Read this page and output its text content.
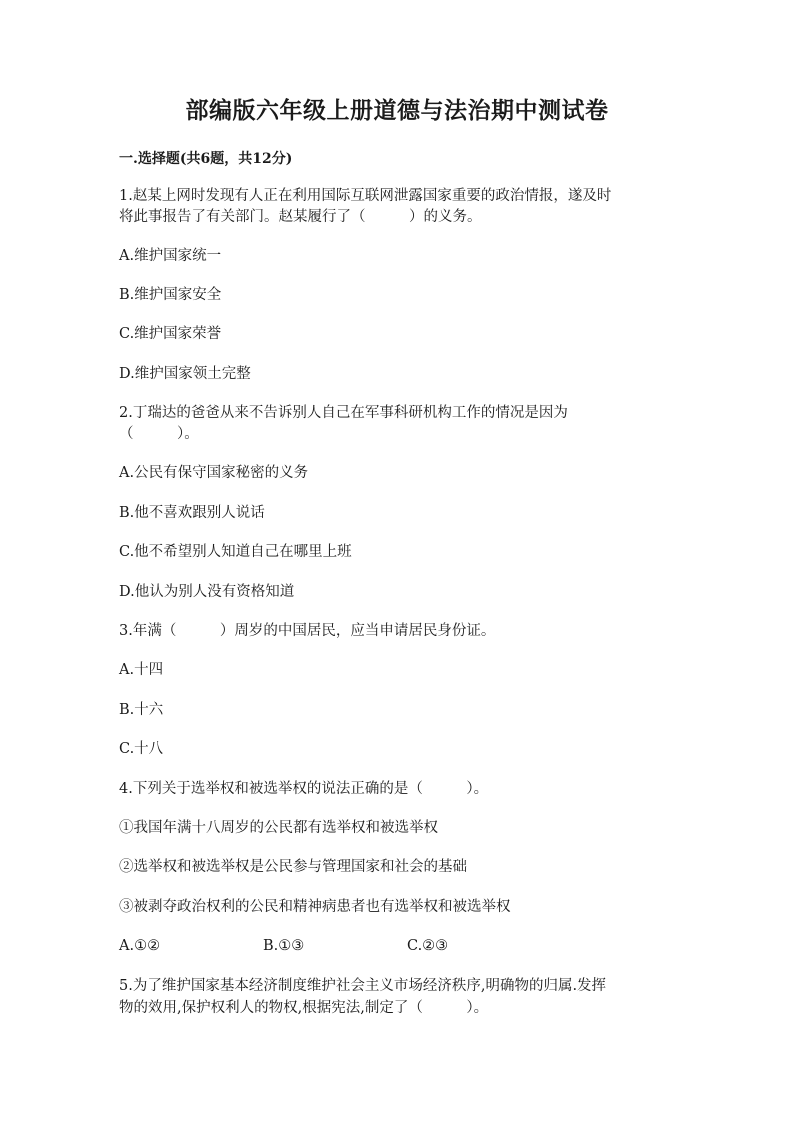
部编版六年级上册道德与法治期中测试卷
一.选择题(共6题，共12分)

1.赵某上网时发现有人正在利用国际互联网泄露国家重要的政治情报，遂及时

将此事报告了有关部门。赵某履行了（　　　）的义务。

A.维护国家统一

B.维护国家安全

C.维护国家荣誉

D.维护国家领土完整

2.丁瑞达的爸爸从来不告诉别人自己在军事科研机构工作的情况是因为

（　　　）。

A.公民有保守国家秘密的义务

B.他不喜欢跟别人说话

C.他不希望别人知道自己在哪里上班

D.他认为别人没有资格知道

3.年满（　　　）周岁的中国居民，应当申请居民身份证。

A.十四

B.十六

C.十八

4.下列关于选举权和被选举权的说法正确的是（　　　）。

①我国年满十八周岁的公民都有选举权和被选举权

②选举权和被选举权是公民参与管理国家和社会的基础

③被剥夺政治权利的公民和精神病患者也有选举权和被选举权

A.①②	B.①③	C.②③

5.为了维护国家基本经济制度维护社会主义市场经济秩序,明确物的归属.发挥

物的效用,保护权利人的物权,根据宪法,制定了（　　　）。
